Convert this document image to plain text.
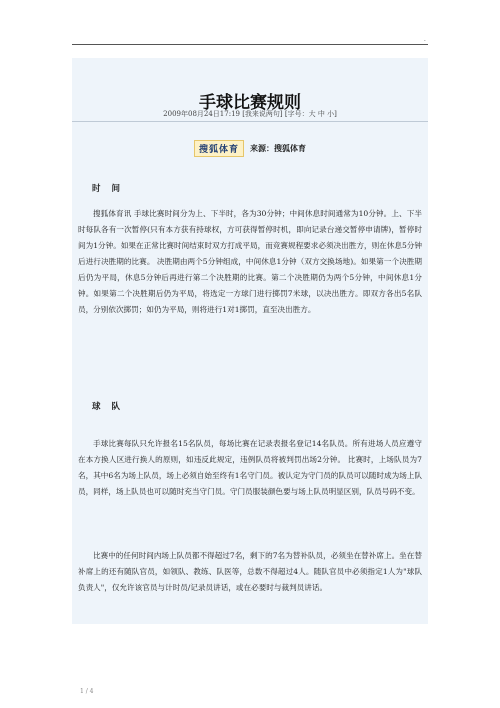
.
手球比赛规则
2009年08月24日17:19 [我来说两句] [字号：大 中 小]
搜狐体育	来源：搜狐体育
时 间
搜狐体育讯 手球比赛时间分为上、下半时，各为30分钟；中间休息时间通常为10分钟。上、下半时每队各有一次暂停(只有本方获有持球权，方可获得暂停时机，即向记录台递交暂停申请牌)，暂停时间为1分钟。如果在正常比赛时间结束时双方打成平局，而竞赛规程要求必须决出胜方，则在休息5分钟后进行决胜期的比赛。 决胜期由两个5分钟组成，中间休息1分钟（双方交换场地)。如果第一个决胜期后仍为平局，休息5分钟后再进行第二个决胜期的比赛。第二个决胜期仍为两个5分钟，中间休息1分钟。如果第二个决胜期后仍为平局，将选定一方球门进行掷罚7米球，以决出胜方。即双方各出5名队员，分别依次掷罚；如仍为平局，则将进行1对1掷罚，直至决出胜方。
球 队
手球比赛每队只允许报名15名队员，每场比赛在记录表报名登记14名队员。所有进场人员应遵守在本方换人区进行换人的原则，如违反此规定，违例队员将被判罚出场2分钟。 比赛时，上场队员为7名，其中6名为场上队员，场上必须自始至终有1名守门员。被认定为守门员的队员可以随时成为场上队员，同样，场上队员也可以随时充当守门员。守门员服装颜色要与场上队员明显区别，队员号码不变。
比赛中的任何时间内场上队员都不得超过7名，剩下的7名为替补队员，必须坐在替补席上。坐在替补席上的还有随队官员，如领队、教练、队医等，总数不得超过4人。随队官员中必须指定1人为"球队负责人"，仅允许该官员与计时员/记录员讲话，或在必要时与裁判员讲话。
1 / 4
